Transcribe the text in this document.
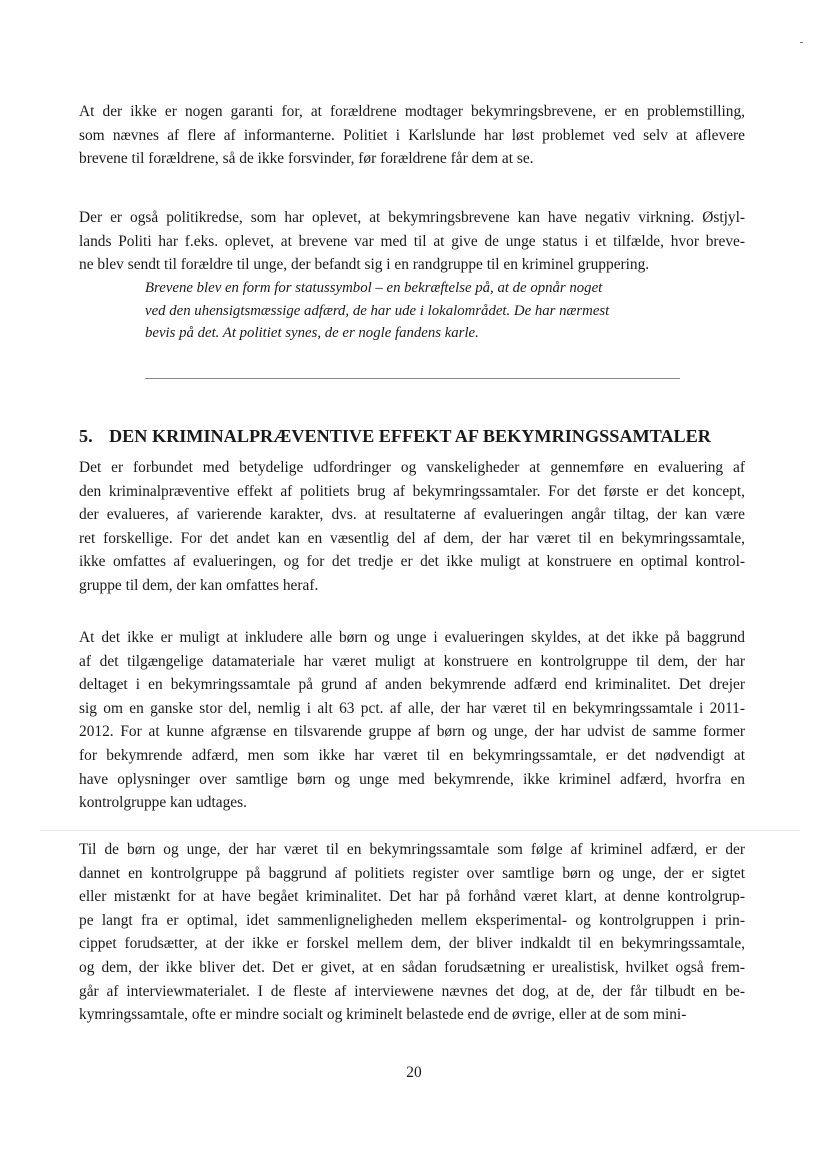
At der ikke er nogen garanti for, at forældrene modtager bekymringsbrevene, er en problemstilling,
som nævnes af flere af informanterne. Politiet i Karlslunde har løst problemet ved selv at aflevere
brevene til forældrene, så de ikke forsvinder, før forældrene får dem at se.
Der er også politikredse, som har oplevet, at bekymringsbrevene kan have negativ virkning. Østjyl-
lands Politi har f.eks. oplevet, at brevene var med til at give de unge status i et tilfælde, hvor breve-
ne blev sendt til forældre til unge, der befandt sig i en randgruppe til en kriminel gruppering.
Brevene blev en form for statussymbol – en bekræftelse på, at de opnår noget
ved den uhensigtsmæssige adfærd, de har ude i lokalområdet. De har nærmest
bevis på det. At politiet synes, de er nogle fandens karle.
5. DEN KRIMINALPRÆVENTIVE EFFEKT AF BEKYMRINGSSAMTALER
Det er forbundet med betydelige udfordringer og vanskeligheder at gennemføre en evaluering af
den kriminalpræventive effekt af politiets brug af bekymringssamtaler. For det første er det koncept,
der evalueres, af varierende karakter, dvs. at resultaterne af evalueringen angår tiltag, der kan være
ret forskellige. For det andet kan en væsentlig del af dem, der har været til en bekymringssamtale,
ikke omfattes af evalueringen, og for det tredje er det ikke muligt at konstruere en optimal kontrol-
gruppe til dem, der kan omfattes heraf.
At det ikke er muligt at inkludere alle børn og unge i evalueringen skyldes, at det ikke på baggrund
af det tilgængelige datamateriale har været muligt at konstruere en kontrolgruppe til dem, der har
deltaget i en bekymringssamtale på grund af anden bekymrende adfærd end kriminalitet. Det drejer
sig om en ganske stor del, nemlig i alt 63 pct. af alle, der har været til en bekymringssamtale i 2011-
2012. For at kunne afgrænse en tilsvarende gruppe af børn og unge, der har udvist de samme former
for bekymrende adfærd, men som ikke har været til en bekymringssamtale, er det nødvendigt at
have oplysninger over samtlige børn og unge med bekymrende, ikke kriminel adfærd, hvorfra en
kontrolgruppe kan udtages.
Til de børn og unge, der har været til en bekymringssamtale som følge af kriminel adfærd, er der
dannet en kontrolgruppe på baggrund af politiets register over samtlige børn og unge, der er sigtet
eller mistænkt for at have begået kriminalitet. Det har på forhånd været klart, at denne kontrolgrup-
pe langt fra er optimal, idet sammenligneligheden mellem eksperimental- og kontrolgruppen i prin-
cippet forudsætter, at der ikke er forskel mellem dem, der bliver indkaldt til en bekymringssamtale,
og dem, der ikke bliver det. Det er givet, at en sådan forudsætning er urealistisk, hvilket også frem-
går af interviewmaterialet. I de fleste af interviewene nævnes det dog, at de, der får tilbudt en be-
kymringssamtale, ofte er mindre socialt og kriminelt belastede end de øvrige, eller at de som mini-
20
